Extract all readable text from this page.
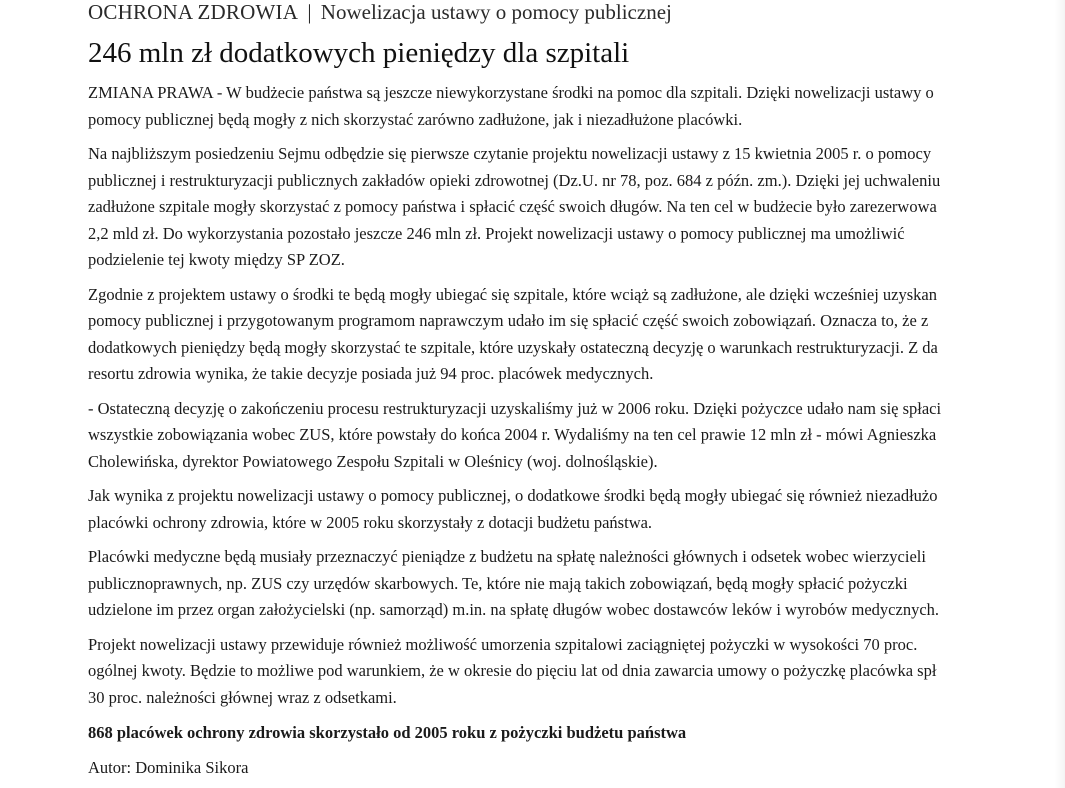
OCHRONA ZDROWIA | Nowelizacja ustawy o pomocy publicznej
246 mln zł dodatkowych pieniędzy dla szpitali

ZMIANA PRAWA - W budżecie państwa są jeszcze niewykorzystane środki na pomoc dla szpitali. Dzięki nowelizacji ustawy o
pomocy publicznej będą mogły z nich skorzystać zarówno zadłużone, jak i niezadłużone placówki.

Na najbliższym posiedzeniu Sejmu odbędzie się pierwsze czytanie projektu nowelizacji ustawy z 15 kwietnia 2005 r. o pomocy
publicznej i restrukturyzacji publicznych zakładów opieki zdrowotnej (Dz.U. nr 78, poz. 684 z późn. zm.). Dzięki jej uchwaleniu
zadłużone szpitale mogły skorzystać z pomocy państwa i spłacić część swoich długów. Na ten cel w budżecie było zarezerwowa
2,2 mld zł. Do wykorzystania pozostało jeszcze 246 mln zł. Projekt nowelizacji ustawy o pomocy publicznej ma umożliwić
podzielenie tej kwoty między SP ZOZ.

Zgodnie z projektem ustawy o środki te będą mogły ubiegać się szpitale, które wciąż są zadłużone, ale dzięki wcześniej uzyskan
pomocy publicznej i przygotowanym programom naprawczym udało im się spłacić część swoich zobowiązań. Oznacza to, że z
dodatkowych pieniędzy będą mogły skorzystać te szpitale, które uzyskały ostateczną decyzję o warunkach restrukturyzacji. Z da
resortu zdrowia wynika, że takie decyzje posiada już 94 proc. placówek medycznych.

- Ostateczną decyzję o zakończeniu procesu restrukturyzacji uzyskaliśmy już w 2006 roku. Dzięki pożyczce udało nam się spłaci
wszystkie zobowiązania wobec ZUS, które powstały do końca 2004 r. Wydaliśmy na ten cel prawie 12 mln zł - mówi Agnieszka
Cholewińska, dyrektor Powiatowego Zespołu Szpitali w Oleśnicy (woj. dolnośląskie).

Jak wynika z projektu nowelizacji ustawy o pomocy publicznej, o dodatkowe środki będą mogły ubiegać się również niezadłużo
placówki ochrony zdrowia, które w 2005 roku skorzystały z dotacji budżetu państwa.

Placówki medyczne będą musiały przeznaczyć pieniądze z budżetu na spłatę należności głównych i odsetek wobec wierzycieli
publicznoprawnych, np. ZUS czy urzędów skarbowych. Te, które nie mają takich zobowiązań, będą mogły spłacić pożyczki
udzielone im przez organ założycielski (np. samorząd) m.in. na spłatę długów wobec dostawców leków i wyrobów medycznych.

Projekt nowelizacji ustawy przewiduje również możliwość umorzenia szpitalowi zaciągniętej pożyczki w wysokości 70 proc.
ogólnej kwoty. Będzie to możliwe pod warunkiem, że w okresie do pięciu lat od dnia zawarcia umowy o pożyczkę placówka spł
30 proc. należności głównej wraz z odsetkami.

868 placówek ochrony zdrowia skorzystało od 2005 roku z pożyczki budżetu państwa

Autor: Dominika Sikora
